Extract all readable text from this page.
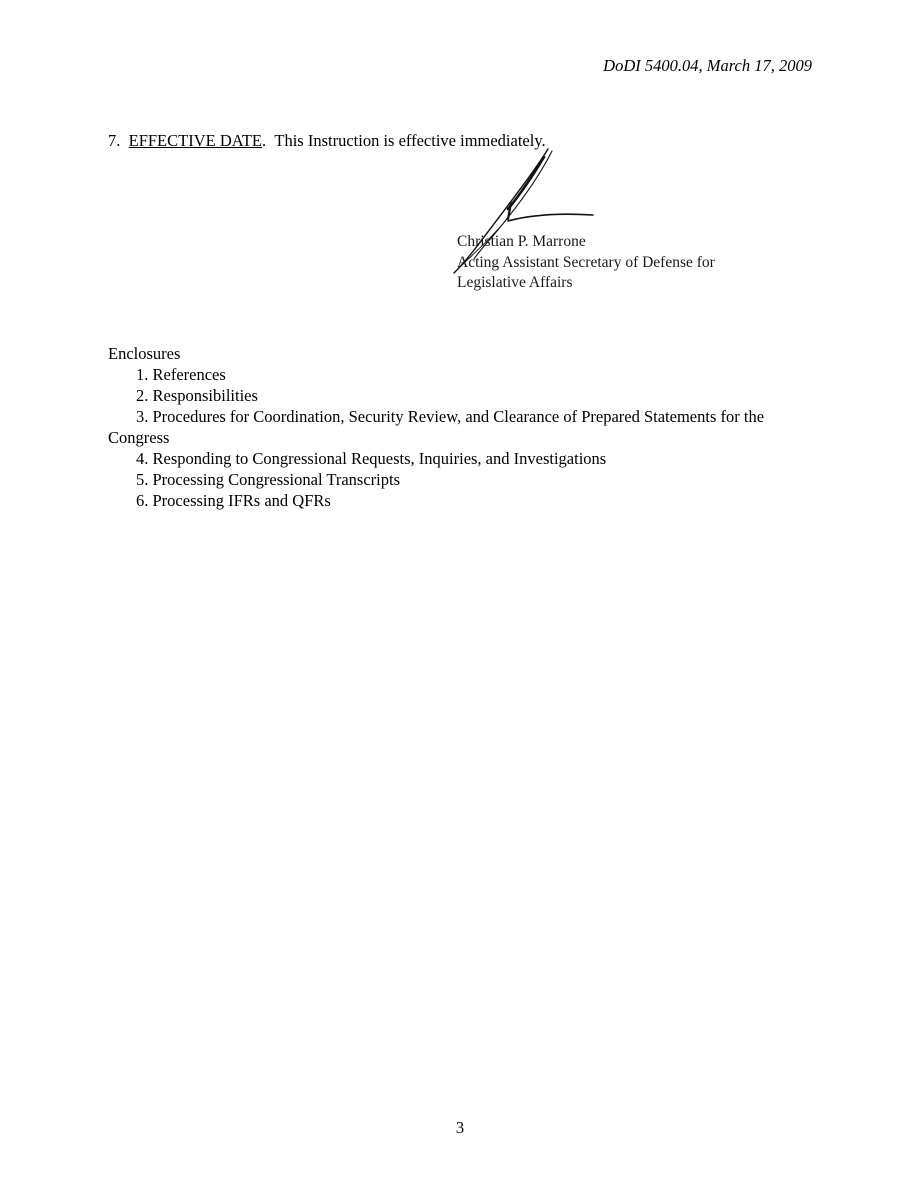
DoDI 5400.04, March 17, 2009
7. EFFECTIVE DATE.  This Instruction is effective immediately.
Christian P. Marrone
Acting Assistant Secretary of Defense for
Legislative Affairs
Enclosures
1. References
2. Responsibilities
3. Procedures for Coordination, Security Review, and Clearance of Prepared Statements for the Congress
4. Responding to Congressional Requests, Inquiries, and Investigations
5. Processing Congressional Transcripts
6. Processing IFRs and QFRs
3
